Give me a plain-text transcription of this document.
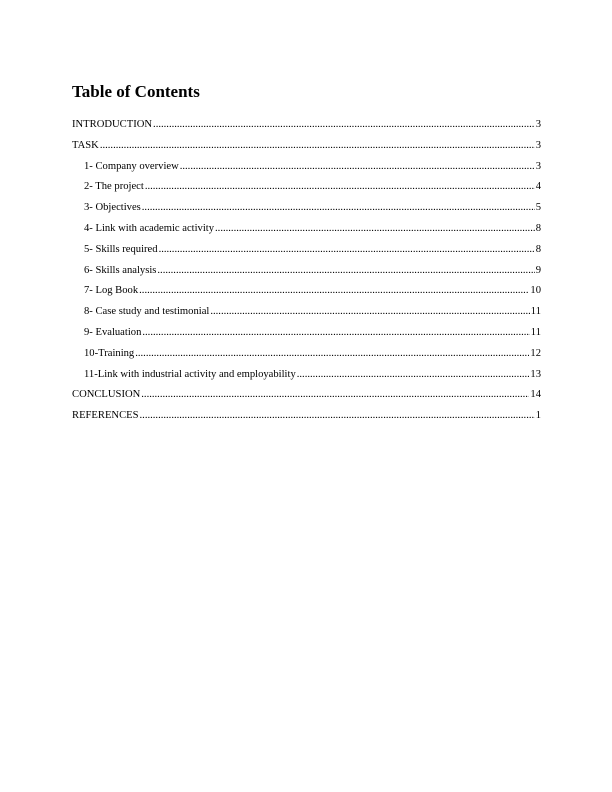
Table of Contents
INTRODUCTION .....	3
TASK .....	3
1- Company overview .....	3
2- The project .....	4
3- Objectives .....	5
4- Link with academic activity .....	8
5- Skills required .....	8
6- Skills analysis .....	9
7- Log Book .....	10
8- Case study and testimonial .....	11
9- Evaluation .....	11
10-Training .....	12
11-Link with industrial activity and employability .....	13
CONCLUSION .....	14
REFERENCES .....	1
